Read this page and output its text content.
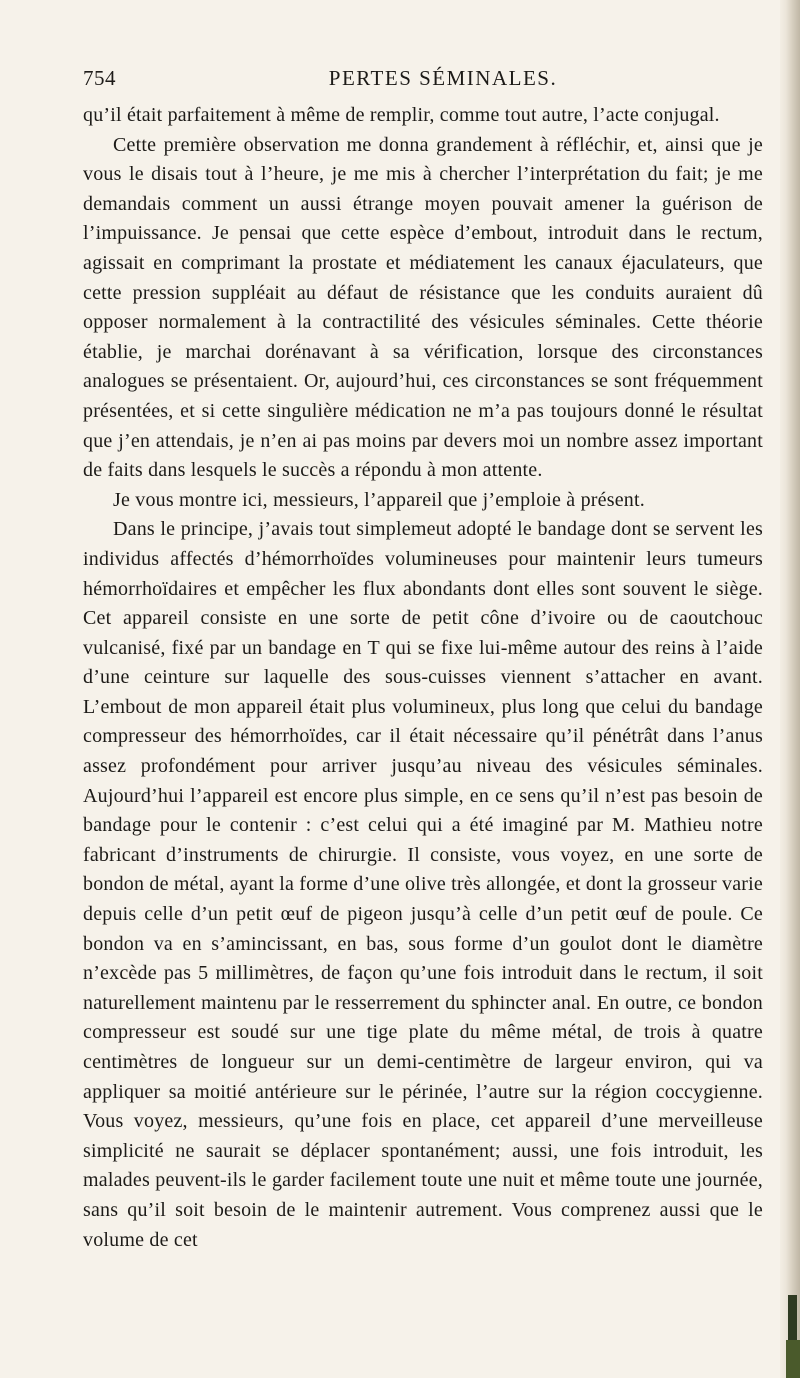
754	PERTES SÉMINALES.

qu’il était parfaitement à même de remplir, comme tout autre, l’acte conjugal.

Cette première observation me donna grandement à réfléchir, et, ainsi que je vous le disais tout à l’heure, je me mis à chercher l’interprétation du fait; je me demandais comment un aussi étrange moyen pouvait amener la guérison de l’impuissance. Je pensai que cette espèce d’embout, introduit dans le rectum, agissait en comprimant la prostate et médiatement les canaux éjaculateurs, que cette pression suppléait au défaut de résistance que les conduits auraient dû opposer normalement à la contractilité des vésicules séminales. Cette théorie établie, je marchai dorénavant à sa vérification, lorsque des circonstances analogues se présentaient. Or, aujourd’hui, ces circonstances se sont fréquemment présentées, et si cette singulière médication ne m’a pas toujours donné le résultat que j’en attendais, je n’en ai pas moins par devers moi un nombre assez important de faits dans lesquels le succès a répondu à mon attente.

Je vous montre ici, messieurs, l’appareil que j’emploie à présent.

Dans le principe, j’avais tout simplemeut adopté le bandage dont se servent les individus affectés d’hémorrhoïdes volumineuses pour maintenir leurs tumeurs hémorrhoïdaires et empêcher les flux abondants dont elles sont souvent le siège. Cet appareil consiste en une sorte de petit cône d’ivoire ou de caoutchouc vulcanisé, fixé par un bandage en T qui se fixe lui-même autour des reins à l’aide d’une ceinture sur laquelle des sous-cuisses viennent s’attacher en avant. L’embout de mon appareil était plus volumineux, plus long que celui du bandage compresseur des hémorrhoïdes, car il était nécessaire qu’il pénétrât dans l’anus assez profondément pour arriver jusqu’au niveau des vésicules séminales. Aujourd’hui l’appareil est encore plus simple, en ce sens qu’il n’est pas besoin de bandage pour le contenir : c’est celui qui a été imaginé par M. Mathieu notre fabricant d’instruments de chirurgie. Il consiste, vous voyez, en une sorte de bondon de métal, ayant la forme d’une olive très allongée, et dont la grosseur varie depuis celle d’un petit œuf de pigeon jusqu’à celle d’un petit œuf de poule. Ce bondon va en s’amincissant, en bas, sous forme d’un goulot dont le diamètre n’excède pas 5 millimètres, de façon qu’une fois introduit dans le rectum, il soit naturellement maintenu par le resserrement du sphincter anal. En outre, ce bondon compresseur est soudé sur une tige plate du même métal, de trois à quatre centimètres de longueur sur un demi-centimètre de largeur environ, qui va appliquer sa moitié antérieure sur le périnée, l’autre sur la région coccygienne. Vous voyez, messieurs, qu’une fois en place, cet appareil d’une merveilleuse simplicité ne saurait se déplacer spontanément; aussi, une fois introduit, les malades peuvent-ils le garder facilement toute une nuit et même toute une journée, sans qu’il soit besoin de le maintenir autrement. Vous comprenez aussi que le volume de cet
